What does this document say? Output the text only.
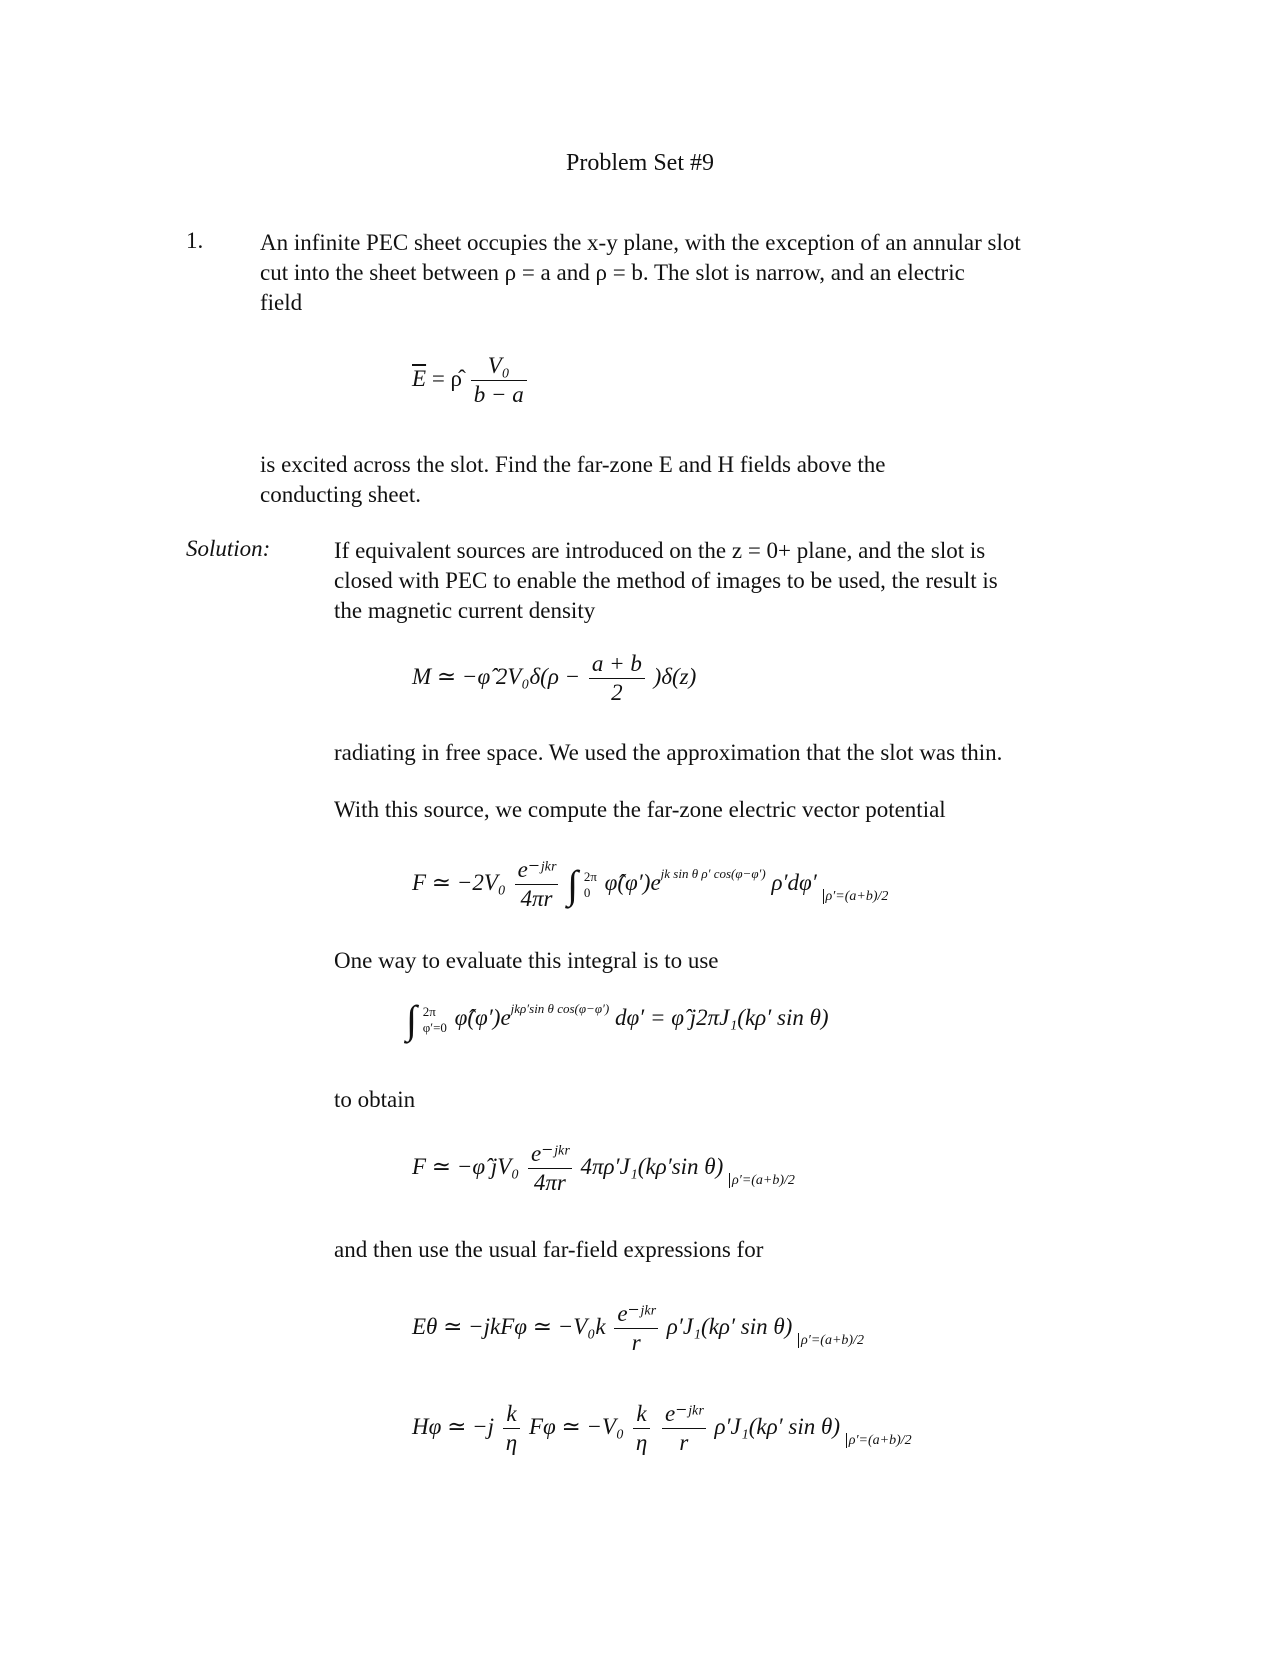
Problem Set #9
1. An infinite PEC sheet occupies the x-y plane, with the exception of an annular slot

cut into the sheet between ρ = a and ρ = b. The slot is narrow, and an electric

field

$\overline{E}$ = ρ̂ $\frac{\text{V₀}}{b - a}$

is excited across the slot. Find the far-zone E and H fields above the

conducting sheet.

Solution:	If equivalent sources are introduced on the z = 0+ plane, and the slot is

closed with PEC to enable the method of images to be used, the result is

the magnetic current density

M ≃ −φ̂ $2V_0\delta(\rho - \frac{a + b}{2} )\delta(z)$
radiating in free space. We used the approximation that the slot was thin.
With this source, we compute the far-zone electric vector potential
F ≃ $-2V_0 \frac{\text{e⁻ʲᵏʳ}}{4\pi r}$ ∫ 2π
0 $\varphî(\varphi')e^{jk sin \theta \rho' cos(\varphi-\varphi')}$ ρ′dφ′ $_{\rho'=(a+b)/2}$
One way to evaluate this integral is to use
∫ 2π
φ′=0 $\varphî(\varphi')e^{jk\rho'sin \theta cos(\varphi-\varphi')}$ dφ′ = φ̂ j2πJ₁(kρ′ sin θ)
to obtain
F ≃ −φ̂ $jV_0 \frac{\text{e⁻ʲᵏʳ}}{4\pi r} 4\pi\rho'J_1(k\rho'\sin$ θ) $_{\rho'=(a+b)/2}$
and then use the usual far-field expressions for
Eθ ≃ −jkFφ ≃ $-V_0k \frac{\text{e⁻ʲᵏʳ}}{r} \rho'J_1(k\rho'$ sin θ) $_{\rho'=(a+b)/2}$
Hφ ≃ $-j \frac{k}{\eta}$ Fφ ≃ $-V_0 \frac{k}{\eta}$
$\frac{\text{e⁻ʲᵏʳ}}{r} \rho'J_1(k\rho'$ sin θ) $_{\rho'=(a+b)/2}$
